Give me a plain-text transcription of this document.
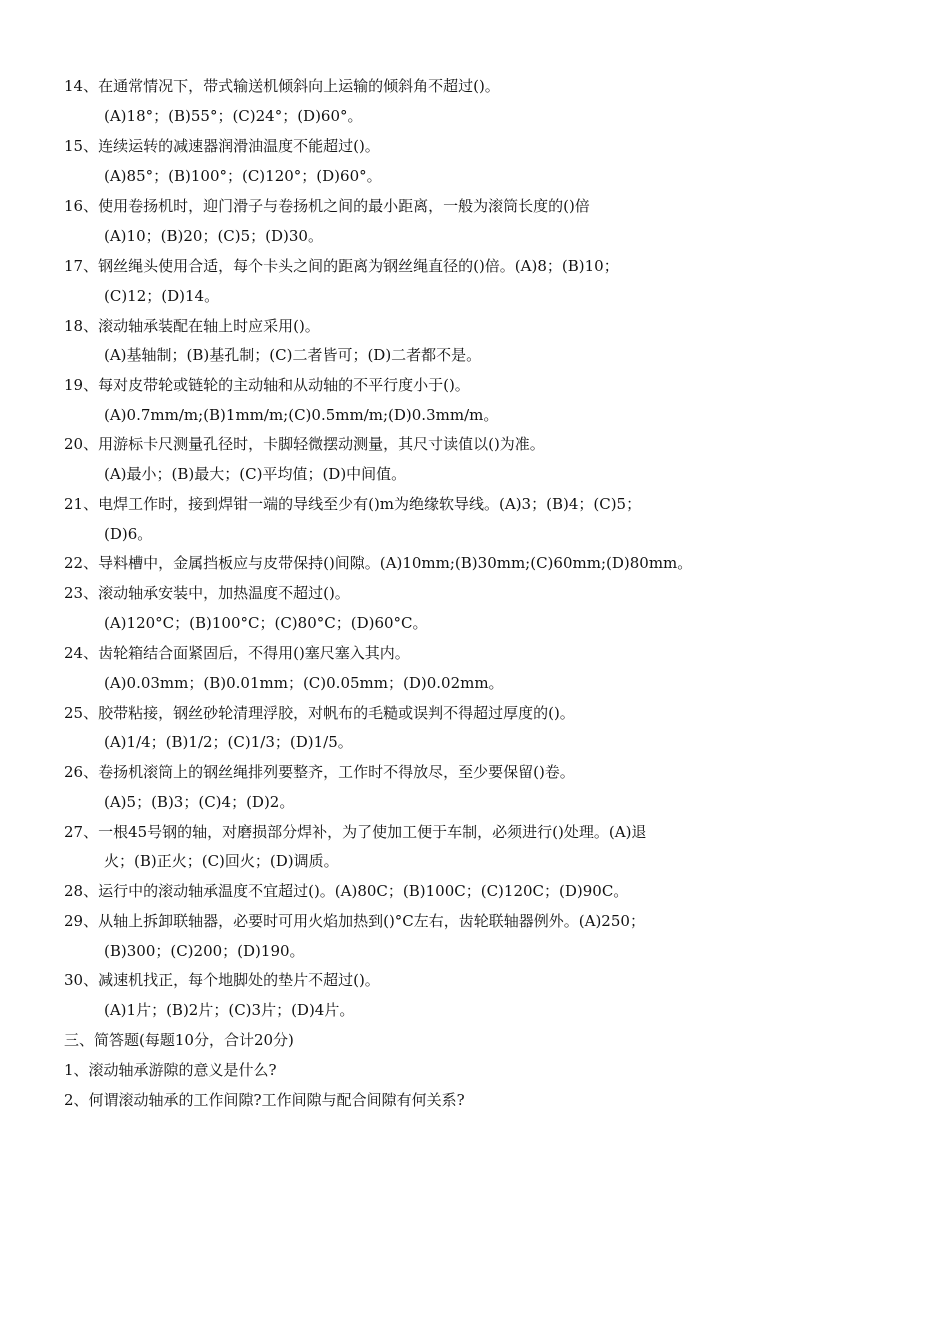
14、在通常情况下，带式输送机倾斜向上运输的倾斜角不超过()。
(A)18°；(B)55°；(C)24°；(D)60°。
15、连续运转的减速器润滑油温度不能超过()。
(A)85°；(B)100°；(C)120°；(D)60°。
16、使用卷扬机时，迎门滑子与卷扬机之间的最小距离，一般为滚筒长度的()倍
(A)10；(B)20；(C)5；(D)30。
17、钢丝绳头使用合适，每个卡头之间的距离为钢丝绳直径的()倍。(A)8；(B)10；
(C)12；(D)14。
18、滚动轴承装配在轴上时应采用()。
(A)基轴制；(B)基孔制；(C)二者皆可；(D)二者都不是。
19、每对皮带轮或链轮的主动轴和从动轴的不平行度小于()。
(A)0.7mm/m;(B)1mm/m;(C)0.5mm/m;(D)0.3mm/m。
20、用游标卡尺测量孔径时，卡脚轻微摆动测量，其尺寸读值以()为准。
(A)最小；(B)最大；(C)平均值；(D)中间值。
21、电焊工作时，接到焊钳一端的导线至少有()m为绝缘软导线。(A)3；(B)4；(C)5；
(D)6。
22、导料槽中，金属挡板应与皮带保持()间隙。(A)10mm;(B)30mm;(C)60mm;(D)80mm。
23、滚动轴承安装中，加热温度不超过()。
(A)120°C；(B)100°C；(C)80°C；(D)60°C。
24、齿轮箱结合面紧固后，不得用()塞尺塞入其内。
(A)0.03mm；(B)0.01mm；(C)0.05mm；(D)0.02mm。
25、胶带粘接，钢丝砂轮清理浮胶，对帆布的毛糙或误判不得超过厚度的()。
(A)1/4；(B)1/2；(C)1/3；(D)1/5。
26、卷扬机滚筒上的钢丝绳排列要整齐，工作时不得放尽，至少要保留()卷。
(A)5；(B)3；(C)4；(D)2。
27、一根45号钢的轴，对磨损部分焊补，为了使加工便于车制，必须进行()处理。(A)退
火；(B)正火；(C)回火；(D)调质。
28、运行中的滚动轴承温度不宜超过()。(A)80C；(B)100C；(C)120C；(D)90C。
29、从轴上拆卸联轴器，必要时可用火焰加热到()°C左右，齿轮联轴器例外。(A)250；
(B)300；(C)200；(D)190。
30、减速机找正，每个地脚处的垫片不超过()。
(A)1片；(B)2片；(C)3片；(D)4片。
三、简答题(每题10分，合计20分)
1、滚动轴承游隙的意义是什么?
2、何谓滚动轴承的工作间隙?工作间隙与配合间隙有何关系?
